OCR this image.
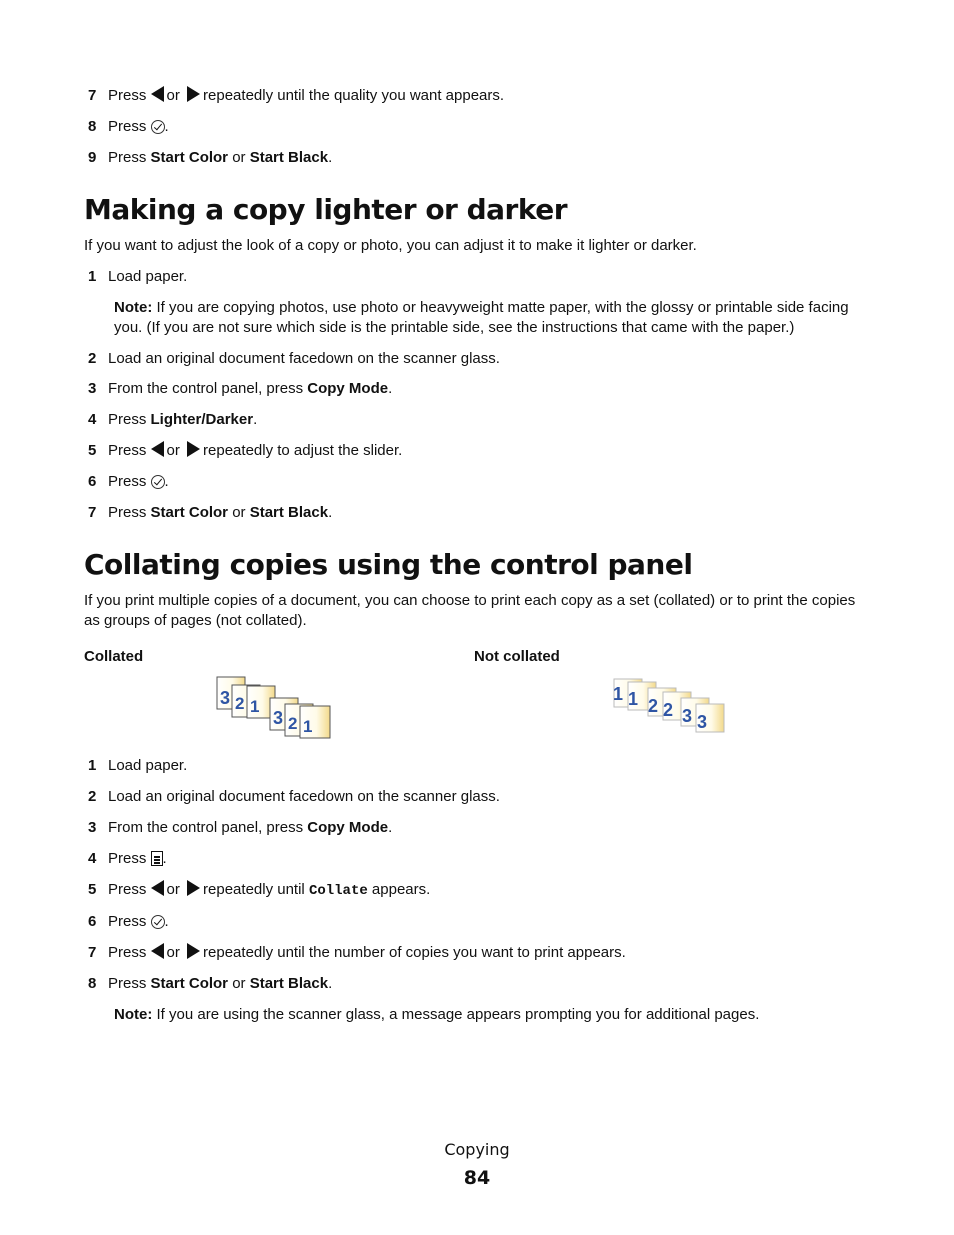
7 Press or repeatedly until the quality you want appears.
8 Press .
9 Press Start Color or Start Black.
Making a copy lighter or darker
If you want to adjust the look of a copy or photo, you can adjust it to make it lighter or darker.
1 Load paper.
Note: If you are copying photos, use photo or heavyweight matte paper, with the glossy or printable side facing
you. (If you are not sure which side is the printable side, see the instructions that came with the paper.)
2 Load an original document facedown on the scanner glass.
3 From the control panel, press Copy Mode.
4 Press Lighter/Darker.
5 Press or repeatedly to adjust the slider.
6 Press .
7 Press Start Color or Start Black.
Collating copies using the control panel
If you print multiple copies of a document, you can choose to print each copy as a set (collated) or to print the copies
as groups of pages (not collated).
Collated	Not collated
3 2 1
3 2 1
1 1 2 2 3 3
1 Load paper.
2 Load an original document facedown on the scanner glass.
3 From the control panel, press Copy Mode.
4 Press .
5 Press or repeatedly until Collate appears.
6 Press .
7 Press or repeatedly until the number of copies you want to print appears.
8 Press Start Color or Start Black.
Note: If you are using the scanner glass, a message appears prompting you for additional pages.
Copying
84
